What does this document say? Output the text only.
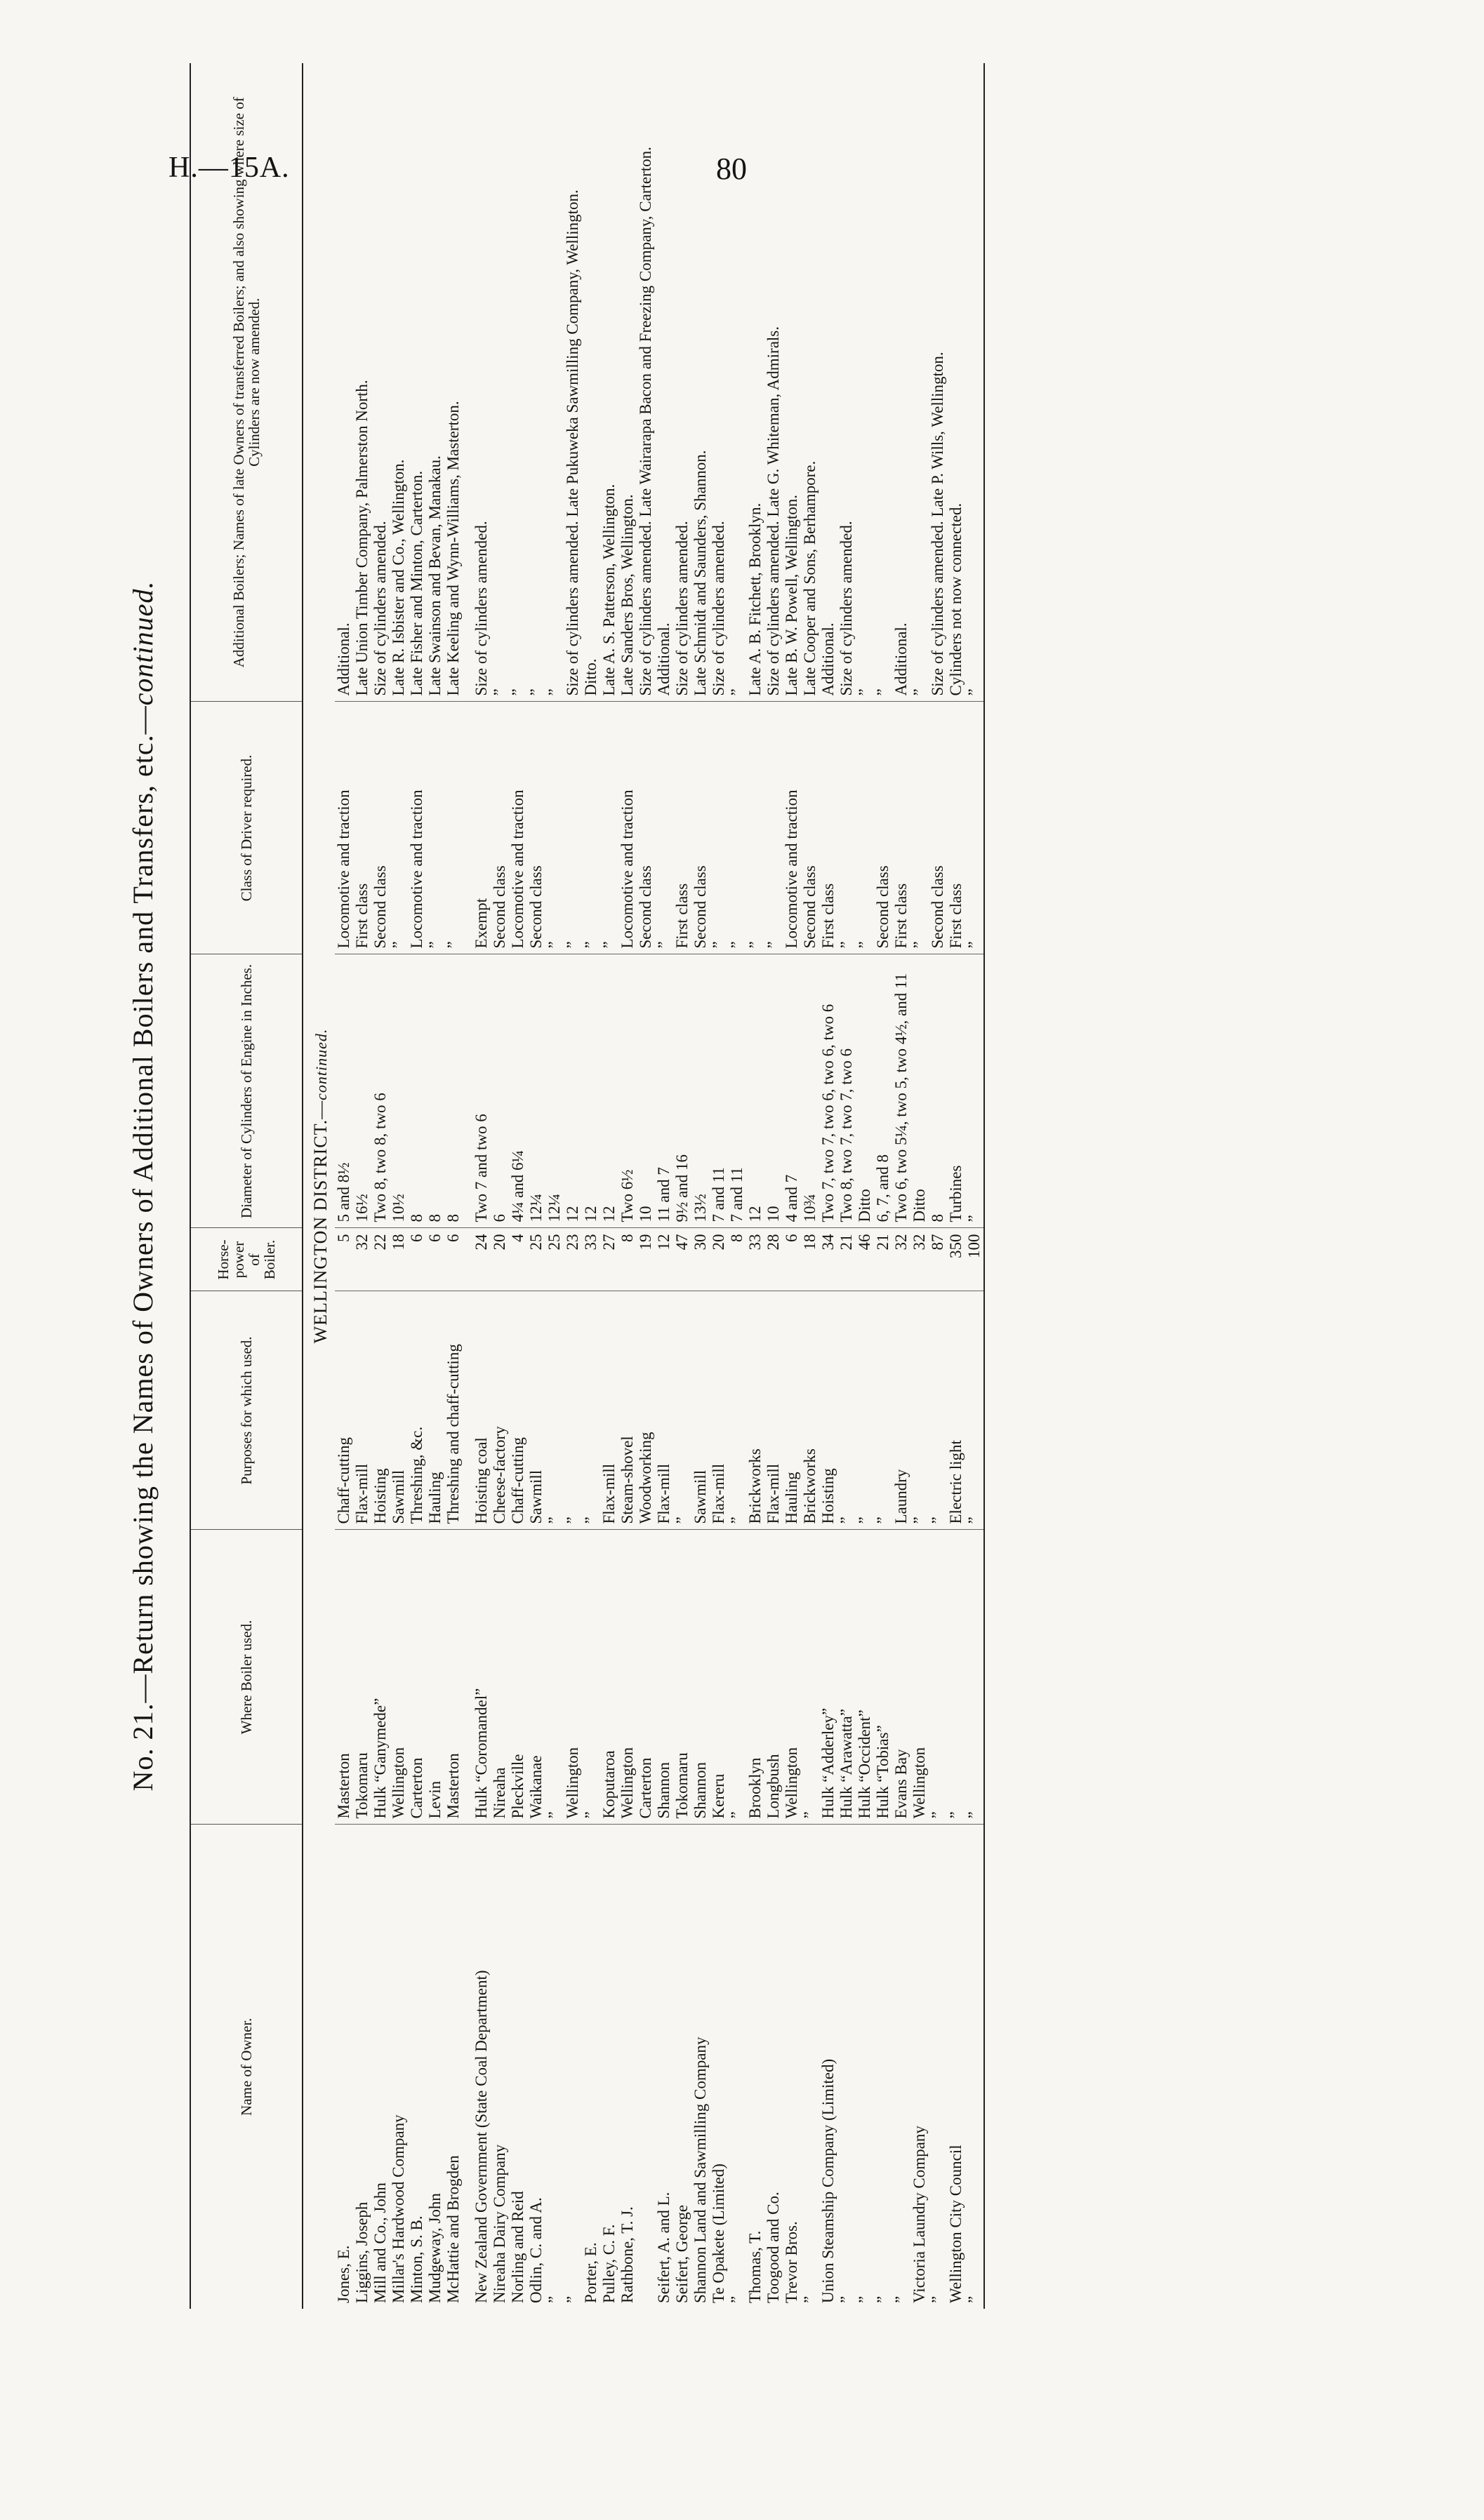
H.—15A.	80
No. 21.—Return showing the Names of Owners of Additional Boilers and Transfers, etc.—continued.
Name of Owner.	Where Boiler used.	Purposes for which used.	Horse-power of Boiler.	Diameter of Cylinders of Engine in Inches.	Class of Driver required.	Additional Boilers; Names of late Owners of transferred Boilers; and also showing where size of Cylinders are now amended.
WELLINGTON DISTRICT.—continued.						
Jones, E.	Masterton	Chaff-cutting	5	5 and 8½	Locomotive and traction	Additional.
Liggins, Joseph	Tokomaru	Flax-mill	32	16½	First class	Late Union Timber Company, Palmerston North.
Mill and Co., John	Hulk “Ganymede”	Hoisting	22	Two 8, two 8, two 6	Second class	Size of cylinders amended.
Millar's Hardwood Company	Wellington	Sawmill	18	10½	”	Late R. Isbister and Co., Wellington.
Minton, S. B.	Carterton	Threshing, &c.	6	8	Locomotive and traction	Late Fisher and Minton, Carterton.
Mudgeway, John	Levin	Hauling	6	8	”	Late Swainson and Bevan, Manakau.
McHattie and Brogden	Masterton	Threshing and chaff-cutting	6	8	”	Late Keeling and Wynn-Williams, Masterton.

New Zealand Government (State Coal Department)	Hulk “Coromandel”	Hoisting coal	24	Two 7 and two 6	Exempt	Size of cylinders amended.
Nireaha Dairy Company	Nireaha	Cheese-factory	20	6	Second class	”
Norling and Reid	Pleckville	Chaff-cutting	4	4¼ and 6¼	Locomotive and traction	”
Odlin, C. and A.	Waikanae	Sawmill	25	12¼	Second class	”
”	”	”	25	12¼	”	”
”	Wellington	”	23	12	”	Size of cylinders amended. Late Pukuweka Sawmilling Company, Wellington.
Porter, E.	”	”	33	12	”	Ditto.
Pulley, C. F.	Koputaroa	Flax-mill	27	12	”	Late A. S. Patterson, Wellington.
Rathbone, T. J.	Wellington	Steam-shovel	8	Two 6½	Locomotive and traction	Late Sanders Bros, Wellington.
	Carterton	Woodworking	19	10	Second class	Size of cylinders amended. Late Wairarapa Bacon and Freezing Company, Carterton.
Seifert, A. and L.	Shannon	Flax-mill	12	11 and 7	”	Additional.
Seifert, George	Tokomaru	”	47	9½ and 16	First class	Size of cylinders amended.
Shannon Land and Sawmilling Company	Shannon	Sawmill	30	13½	Second class	Late Schmidt and Saunders, Shannon.
Te Opakete (Limited)	Kereru	Flax-mill	20	7 and 11	”	Size of cylinders amended.
”	”	”	8	7 and 11	”	”
Thomas, T.	Brooklyn	Brickworks	33	12	”	Late A. B. Fitchett, Brooklyn.
Toogood and Co.	Longbush	Flax-mill	28	10	”	Size of cylinders amended. Late G. Whiteman, Admirals.
Trevor Bros.	Wellington	Hauling	6	4 and 7	Locomotive and traction	Late B. W. Powell, Wellington.
”	”	Brickworks	18	10¾	Second class	Late Cooper and Sons, Berhampore.
Union Steamship Company (Limited)	Hulk “Adderley”	Hoisting	34	Two 7, two 7, two 6, two 6, two 6	First class	Additional.
”	Hulk “Arawatta”	”	21	Two 8, two 7, two 7, two 6	”	Size of cylinders amended.
”	Hulk “Occident”	”	46	Ditto	”	”
”	Hulk “Tobias”	”	21	6, 7, and 8	Second class	”
”	Evans Bay	Laundry	32	Two 6, two 5¼, two 5, two 4½, and 11	First class	Additional.
Victoria Laundry Company	Wellington	”	32	Ditto	”	”
”	”	”	87	8	Second class	Size of cylinders amended. Late P. Wills, Wellington.
Wellington City Council	”	Electric light	350	Turbines	First class	Cylinders not now connected.
”	”	”	100	”	”	”
